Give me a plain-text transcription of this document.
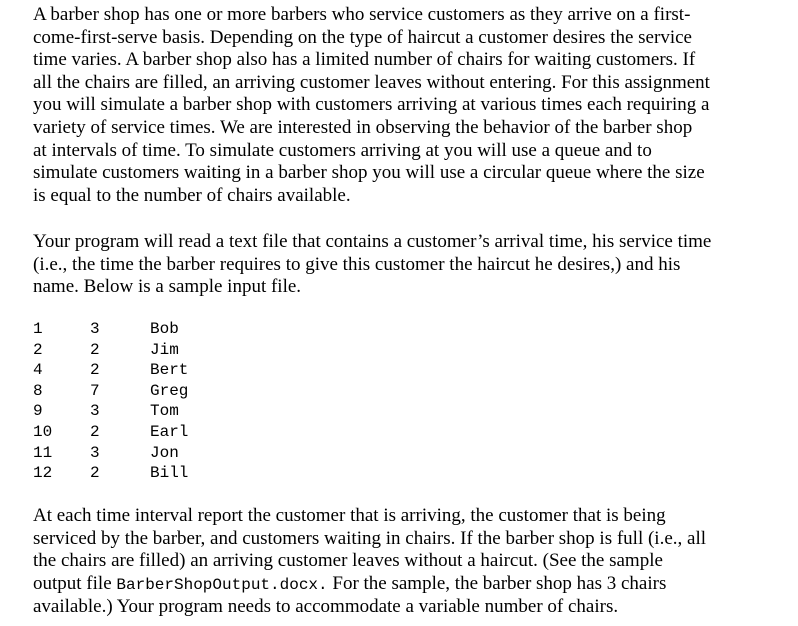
A barber shop has one or more barbers who service customers as they arrive on a first-
come-first-serve basis. Depending on the type of haircut a customer desires the service
time varies. A barber shop also has a limited number of chairs for waiting customers. If
all the chairs are filled, an arriving customer leaves without entering. For this assignment
you will simulate a barber shop with customers arriving at various times each requiring a
variety of service times. We are interested in observing the behavior of the barber shop
at intervals of time. To simulate customers arriving at you will use a queue and to
simulate customers waiting in a barber shop you will use a circular queue where the size
is equal to the number of chairs available.

Your program will read a text file that contains a customer’s arrival time, his service time
(i.e., the time the barber requires to give this customer the haircut he desires,) and his
name. Below is a sample input file.

1	3	Bob
2	2	Jim
4	2	Bert
8	7	Greg
9	3	Tom
10 2	Earl
11 3	Jon
12 2	Bill

At each time interval report the customer that is arriving, the customer that is being
serviced by the barber, and customers waiting in chairs. If the barber shop is full (i.e., all
the chairs are filled) an arriving customer leaves without a haircut. (See the sample
output file BarberShopOutput.docx. For the sample, the barber shop has 3 chairs
available.) Your program needs to accommodate a variable number of chairs.
